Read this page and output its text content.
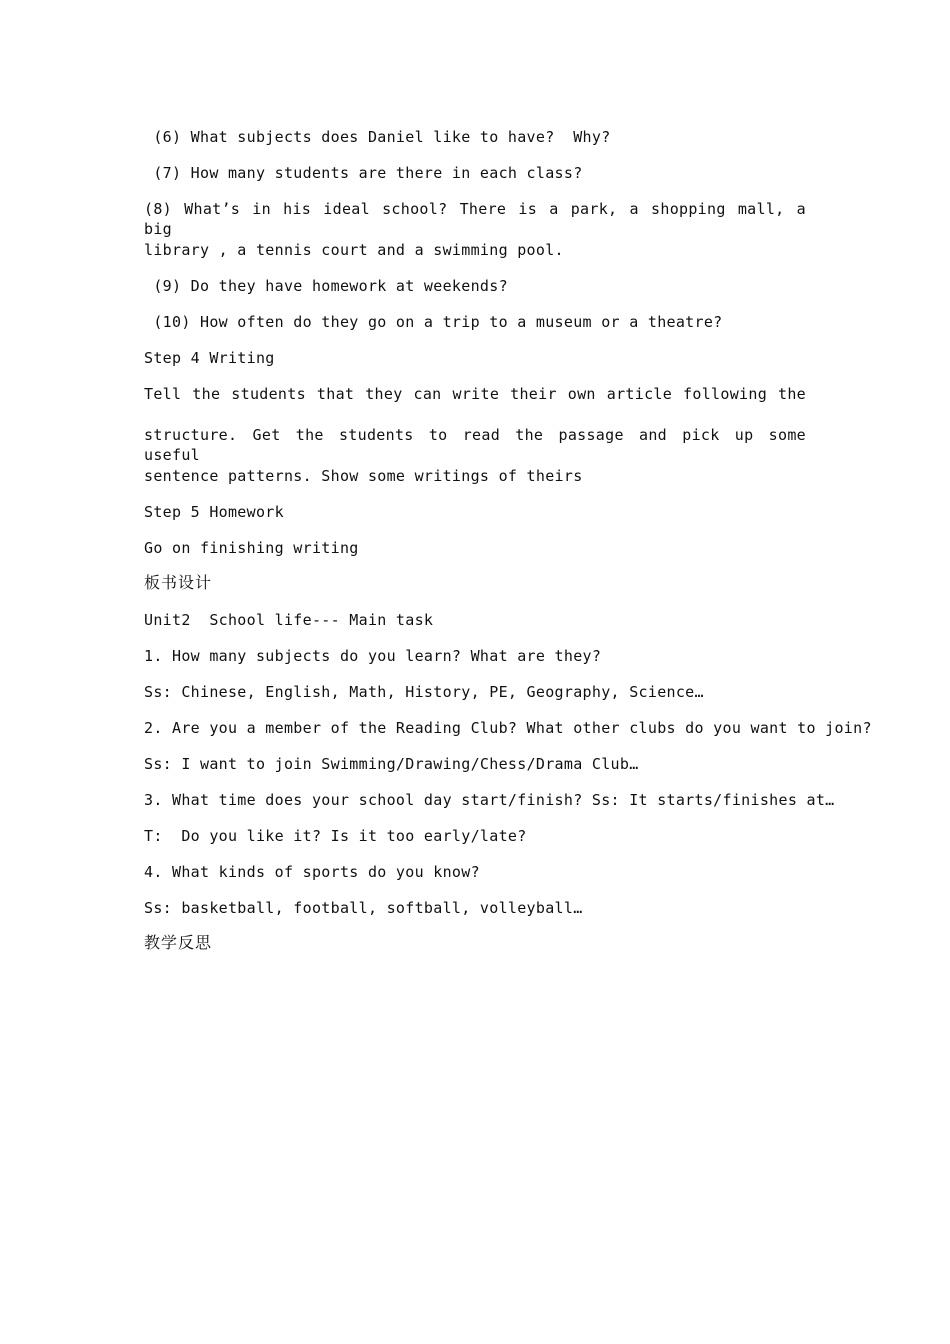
(6) What subjects does Daniel like to have?  Why?
(7) How many students are there in each class?
(8) What’s in his ideal school? There is a park, a shopping mall, a big
library , a tennis court and a swimming pool.
(9) Do they have homework at weekends?
(10) How often do they go on a trip to a museum or a theatre?
Step 4 Writing
Tell the students that they can write their own article following the
structure. Get the students to read the passage and pick up some useful
sentence patterns. Show some writings of theirs
Step 5 Homework
Go on finishing writing
板书设计
Unit2  School life--- Main task
1. How many subjects do you learn? What are they?
Ss: Chinese, English, Math, History, PE, Geography, Science…
2. Are you a member of the Reading Club? What other clubs do you want to join?
Ss: I want to join Swimming/Drawing/Chess/Drama Club…
3. What time does your school day start/finish? Ss: It starts/finishes at…
T:  Do you like it? Is it too early/late?
4. What kinds of sports do you know?
Ss: basketball, football, softball, volleyball…
教学反思
